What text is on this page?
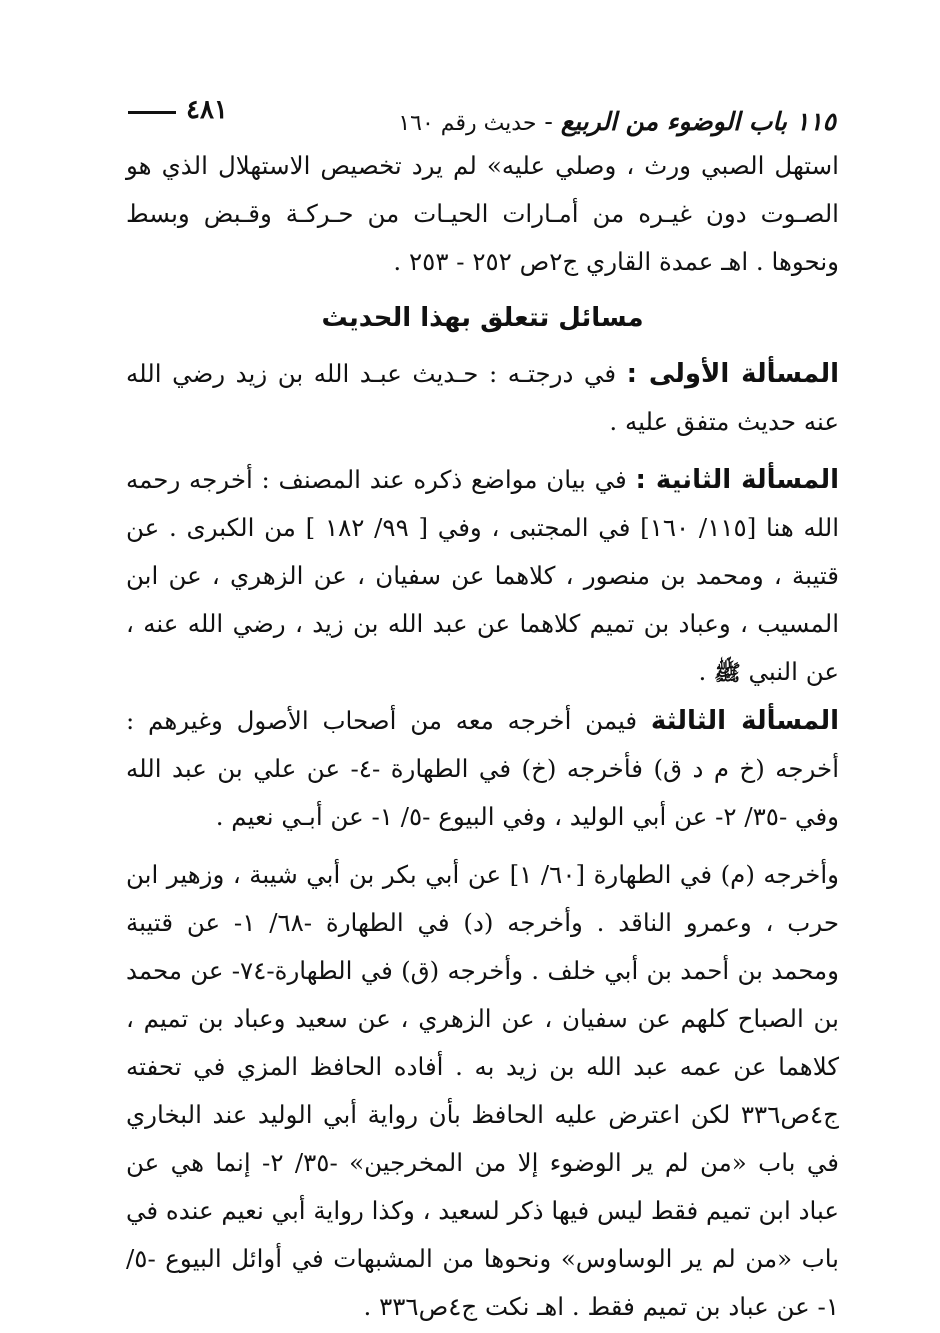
١١٥ باب الوضوء من الربيع - حديث رقم ١٦٠
٤٨١

استهل الصبي ورث ، وصلي عليه» لم يرد تخصيص الاستهلال الذي هو الصـوت دون غيـره من أمـارات الحيـات من حـركـة وقـبض وبسط ونحوها . اهـ عمدة القاري ج٢ص ٢٥٢ - ٢٥٣ .

مسائل تتعلق بهذا الحديث

المسألة الأولى : في درجتـه : حـديث عبـد الله بن زيد رضي الله عنه حديث متفق عليه .

المسألة الثانية : في بيان مواضع ذكره عند المصنف : أخرجه رحمه الله هنا [١١٥/ ١٦٠] في المجتبى ، وفي [ ٩٩/ ١٨٢ ] من الكبرى . عن قتيبة ، ومحمد بن منصور ، كلاهما عن سفيان ، عن الزهري ، عن ابن المسيب ، وعباد بن تميم كلاهما عن عبد الله بن زيد ، رضي الله عنه ، عن النبي ﷺ .

المسألة الثالثة فيمن أخرجه معه من أصحاب الأصول وغيرهم : أخرجه (خ م د ق) فأخرجه (خ) في الطهارة -٤- عن علي بن عبد الله وفي -٣٥/ ٢- عن أبي الوليد ، وفي البيوع -٥/ ١- عن أبـي نعيم .

وأخرجه (م) في الطهارة [٦٠/ ١] عن أبي بكر بن أبي شيبة ، وزهير ابن حرب ، وعمرو الناقد . وأخرجه (د) في الطهارة -٦٨/ ١- عن قتيبة ومحمد بن أحمد بن أبي خلف . وأخرجه (ق) في الطهارة-٧٤- عن محمد بن الصباح كلهم عن سفيان ، عن الزهري ، عن سعيد وعباد بن تميم ، كلاهما عن عمه عبد الله بن زيد به . أفاده الحافظ المزي في تحفته ج٤ص٣٣٦ لكن اعترض عليه الحافظ بأن رواية أبي الوليد عند البخاري في باب «من لم ير الوضوء إلا من المخرجين» -٣٥/ ٢- إنما هي عن عباد ابن تميم فقط ليس فيها ذكر لسعيد ، وكذا رواية أبي نعيم عنده في باب «من لم ير الوساوس» ونحوها من المشبهات في أوائل البيوع -٥/ ١- عن عباد بن تميم فقط . اهـ نكت ج٤ص٣٣٦ .
